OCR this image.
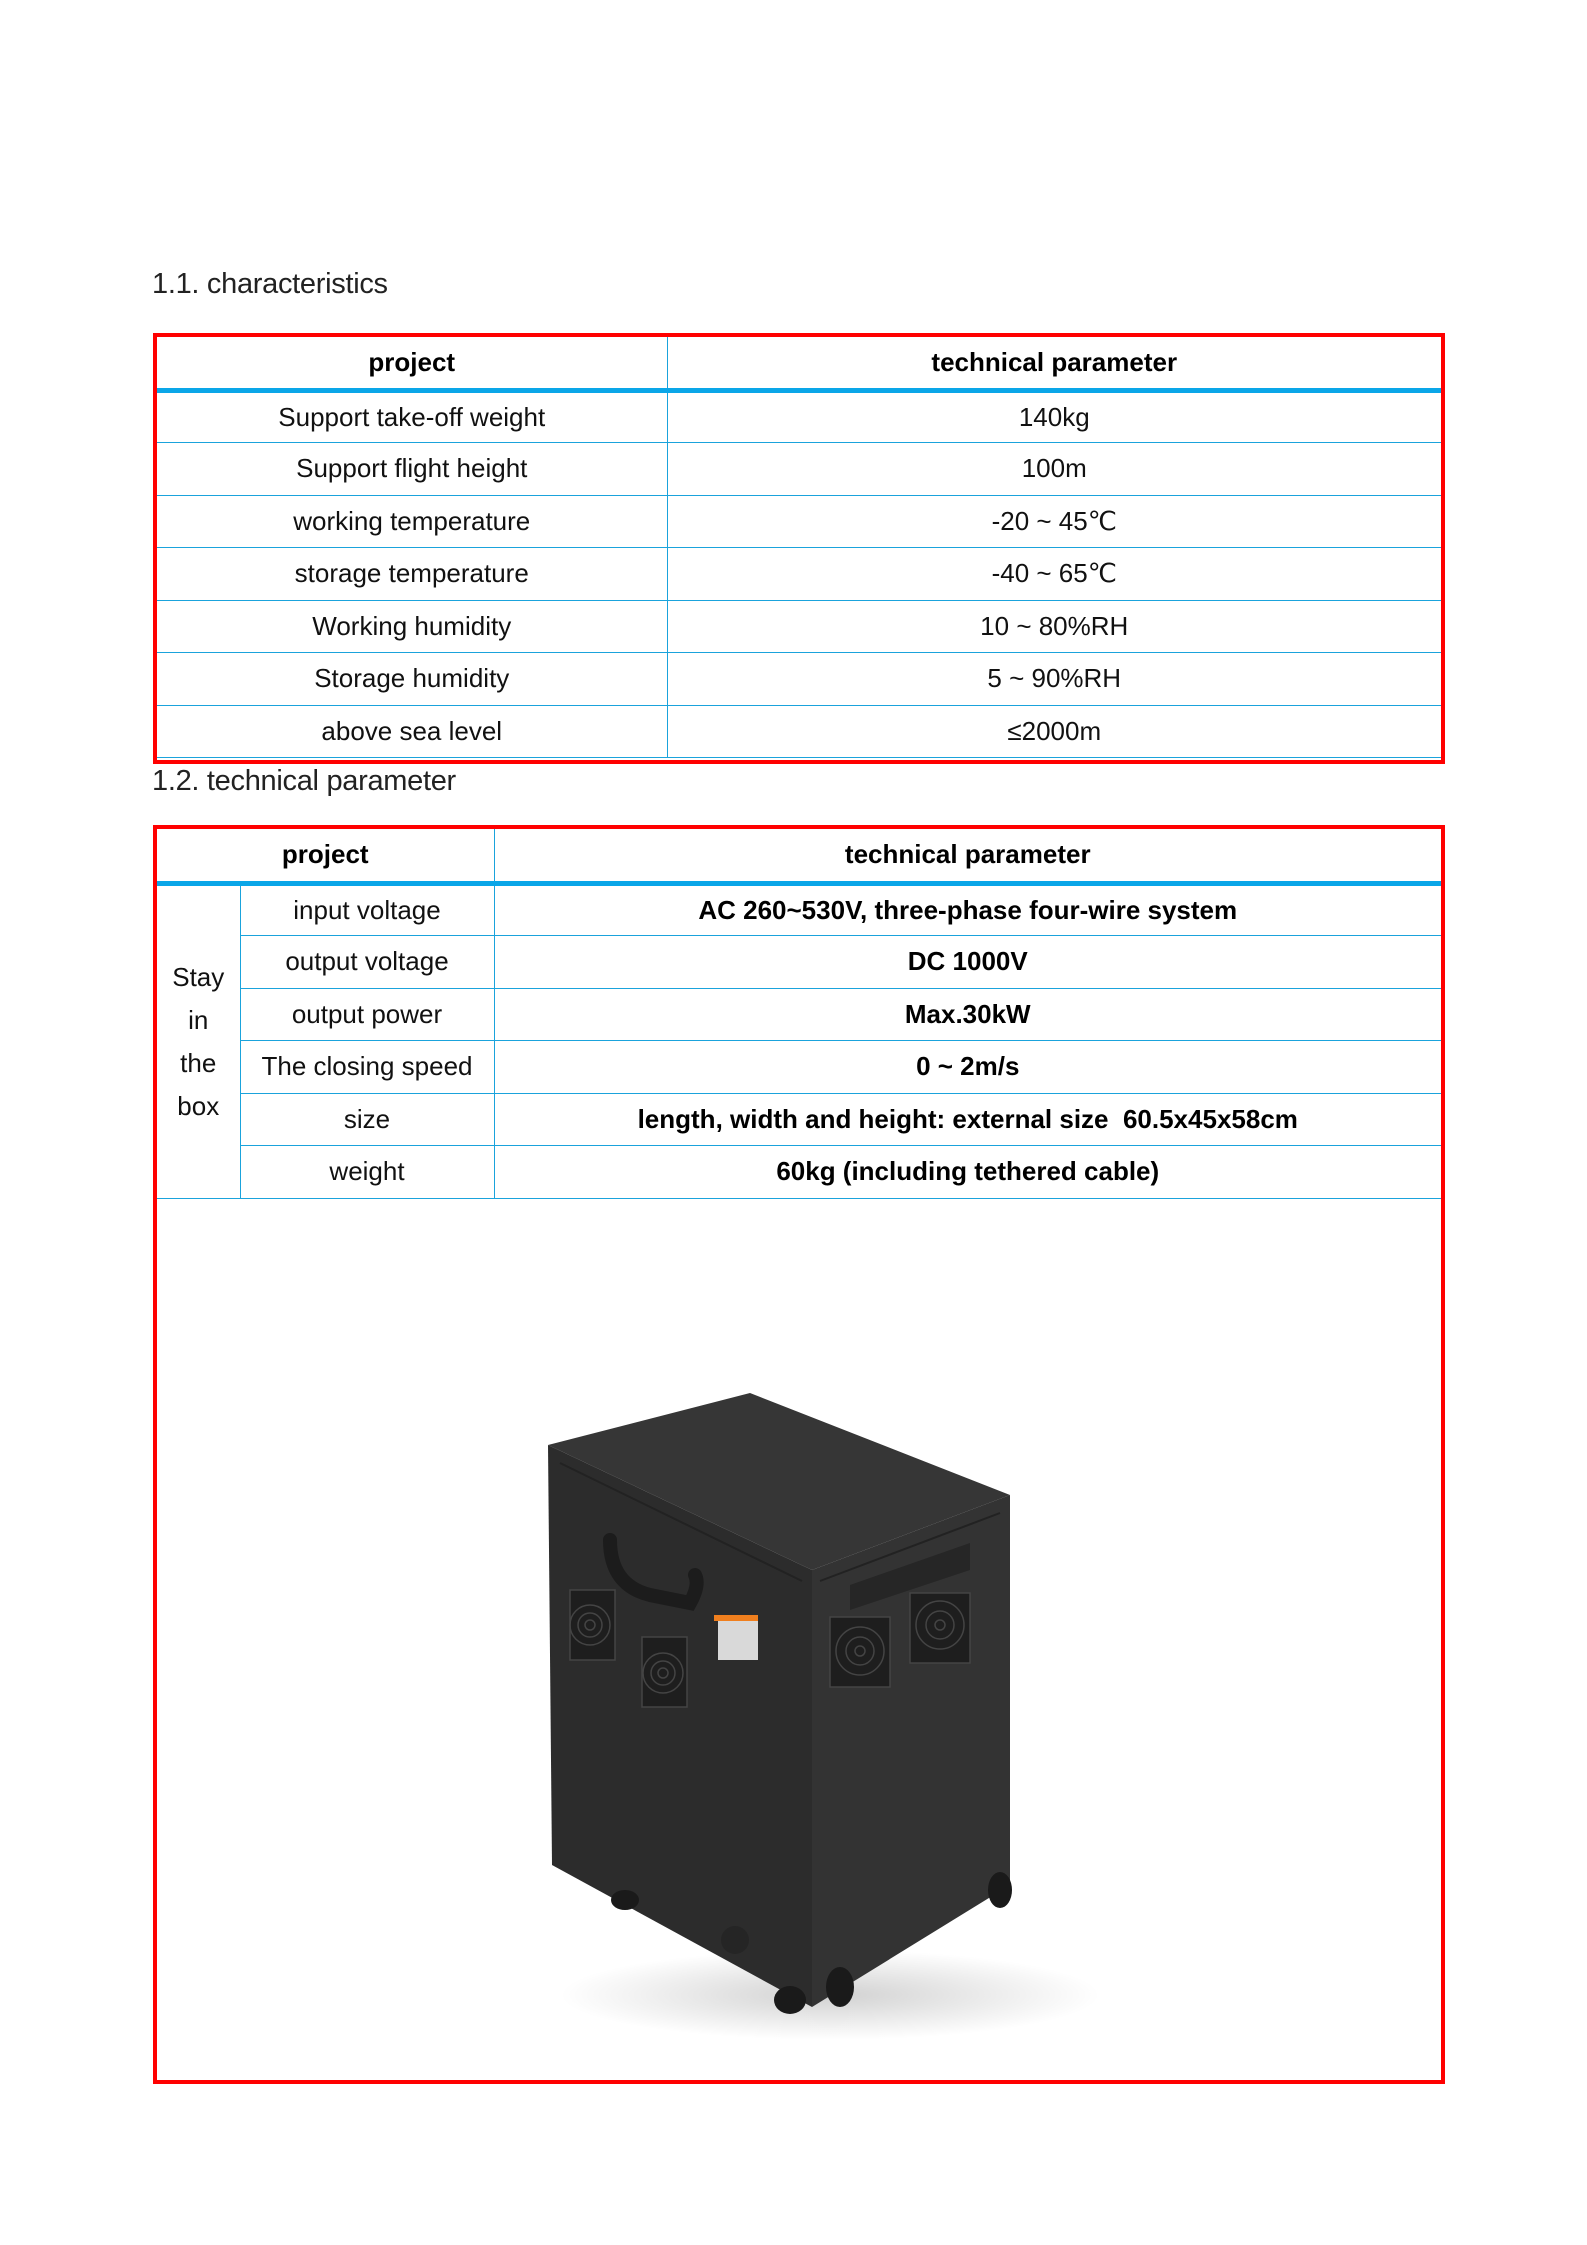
1.1. characteristics
project	technical parameter
Support take-off weight	140kg
Support flight height	100m
working temperature	-20 ~ 45℃
storage temperature	-40 ~ 65℃
Working humidity	10 ~ 80%RH
Storage humidity	5 ~ 90%RH
above sea level	≤2000m
1.2. technical parameter
project		technical parameter

Stay
in
the
box	input voltage	AC 260~530V, three-phase four-wire system
	output voltage	DC 1000V
	output power	Max.30kW
	The closing speed	0 ~ 2m/s
	size	length, width and height: external size  60.5x45x58cm
	weight	60kg (including tethered cable)
